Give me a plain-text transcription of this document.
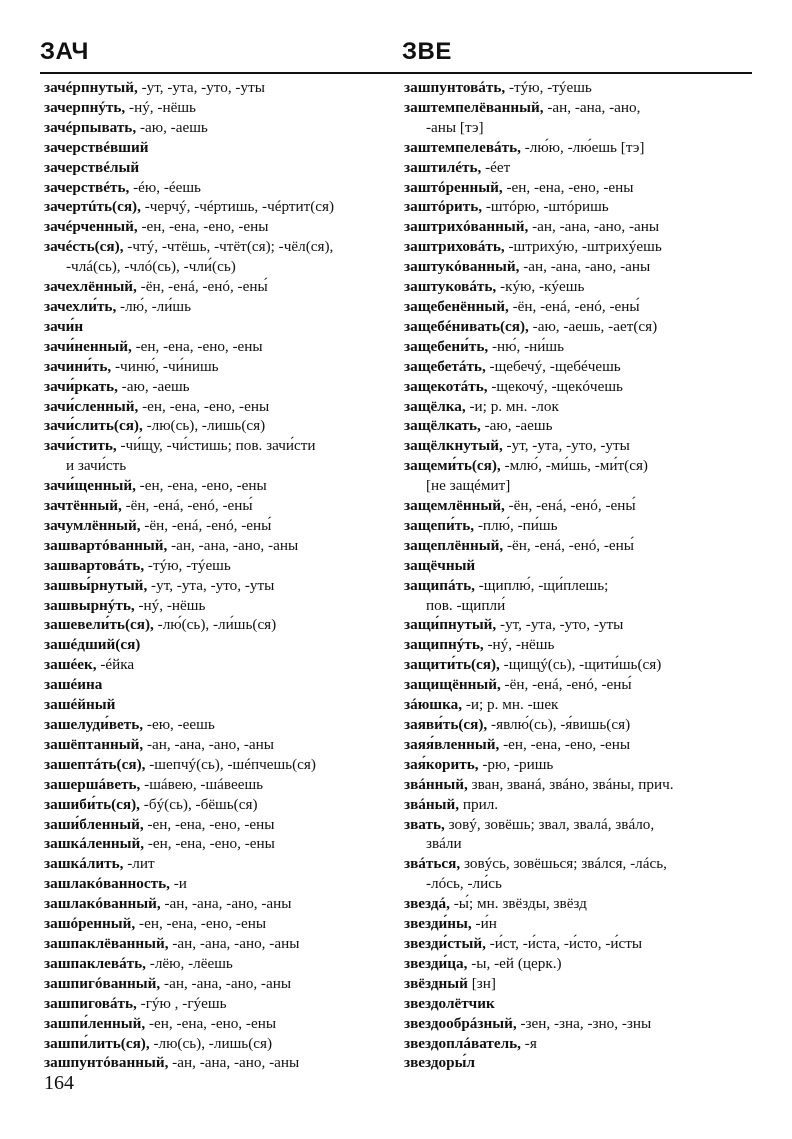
ЗАЧ	ЗВЕ
зачéрпнутый, -ут, -ута, -уто, -уты
зачерпнýть, -нý, -нёшь
зачéрпывать, -аю, -аешь
зачерствéвший
зачерствéлый
зачерствéть, -éю, -éешь
зачертúть(ся), -черчý, -чéртишь, -чéртит(ся)
зачéрченный, -ен, -ена, -ено, -ены
зачéсть(ся), -чтý, -чтёшь, -чтёт(ся); -чёл(ся),
-члá(сь), -члó(сь), -чли́(сь)
зачехлённый, -ён, -енá, -енó, -ены́
зачехли́ть, -лю́, -ли́шь
зачи́н
зачи́ненный, -ен, -ена, -ено, -ены
зачини́ть, -чиню́, -чи́нишь
зачи́ркать, -аю, -аешь
зачи́сленный, -ен, -ена, -ено, -ены
зачи́слить(ся), -лю(сь), -лишь(ся)
зачи́стить, -чи́щу, -чи́стишь; пов. зачи́сти
и зачи́сть
зачи́щенный, -ен, -ена, -ено, -ены
зачтённый, -ён, -енá, -енó, -ены́
зачумлённый, -ён, -енá, -енó, -ены́
зашвартóванный, -ан, -ана, -ано, -аны
зашвартовáть, -тýю, -тýешь
зашвы́рнутый, -ут, -ута, -уто, -уты
зашвырнýть, -нý, -нёшь
зашевели́ть(ся), -лю́(сь), -ли́шь(ся)
зашéдший(ся)
зашéек, -éйка
зашéина
зашéйный
зашелуди́веть, -ею, -еешь
зашёптанный, -ан, -ана, -ано, -аны
зашептáть(ся), -шепчý(сь), -шéпчешь(ся)
зашершáветь, -шáвею, -шáвеешь
зашиби́ть(ся), -бý(сь), -бёшь(ся)
заши́бленный, -ен, -ена, -ено, -ены
зашкáленный, -ен, -ена, -ено, -ены
зашкáлить, -лит
зашлакóванность, -и
зашлакóванный, -ан, -ана, -ано, -аны
зашóренный, -ен, -ена, -ено, -ены
зашпаклёванный, -ан, -ана, -ано, -аны
зашпаклевáть, -лёю, -лёешь
зашпигóванный, -ан, -ана, -ано, -аны
зашпиговáть, -гýю , -гýешь
зашпи́ленный, -ен, -ена, -ено, -ены
зашпи́лить(ся), -лю(сь), -лишь(ся)
зашпунтóванный, -ан, -ана, -ано, -аны
зашпунтовáть, -тýю, -тýешь
заштемпелёванный, -ан, -ана, -ано,
-аны [тэ]
заштемпелевáть, -лю́ю, -лю́ешь [тэ]
заштилéть, -éет
заштóренный, -ен, -ена, -ено, -ены
заштóрить, -штóрю, -штóришь
заштрихóванный, -ан, -ана, -ано, -аны
заштриховáть, -штрихýю, -штрихýешь
заштукóванный, -ан, -ана, -ано, -аны
заштуковáть, -кýю, -кýешь
защебенённый, -ён, -енá, -енó, -ены́
защебéнивать(ся), -аю, -аешь, -ает(ся)
защебени́ть, -ню́, -ни́шь
защебетáть, -щебечý, -щебéчешь
защекотáть, -щекочý, -щекóчешь
защёлка, -и; р. мн. -лок
защёлкать, -аю, -аешь
защёлкнутый, -ут, -ута, -уто, -уты
защеми́ть(ся), -млю́, -ми́шь, -ми́т(ся)
[не защéмит]
защемлённый, -ён, -енá, -енó, -ены́
защепи́ть, -плю́, -пи́шь
защеплённый, -ён, -енá, -енó, -ены́
защёчный
защипáть, -щиплю́, -щи́плешь;
пов. -щипли́
защи́пнутый, -ут, -ута, -уто, -уты
защипнýть, -нý, -нёшь
защити́ть(ся), -щищý(сь), -щити́шь(ся)
защищённый, -ён, -енá, -енó, -ены́
зáюшка, -и; р. мн. -шек
заяви́ть(ся), -явлю́(сь), -я́вишь(ся)
заяя́вленный, -ен, -ена, -ено, -ены
зая́корить, -рю, -ришь
звáнный, зван, званá, звáно, звáны, прич.
звáный, прил.
звать, зовý, зовёшь; звал, звалá, звáло,
звáли
звáться, зовýсь, зовёшься; звáлся, -лáсь,
-лóсь, -ли́сь
звездá, -ы́; мн. звёзды, звёзд
звезди́ны, -и́н
звезди́стый, -и́ст, -и́ста, -и́сто, -и́сты
звезди́ца, -ы, -ей (церк.)
звёздный [зн]
звездолётчик
звездообрáзный, -зен, -зна, -зно, -зны
звездоплáватель, -я
звездоры́л
164
